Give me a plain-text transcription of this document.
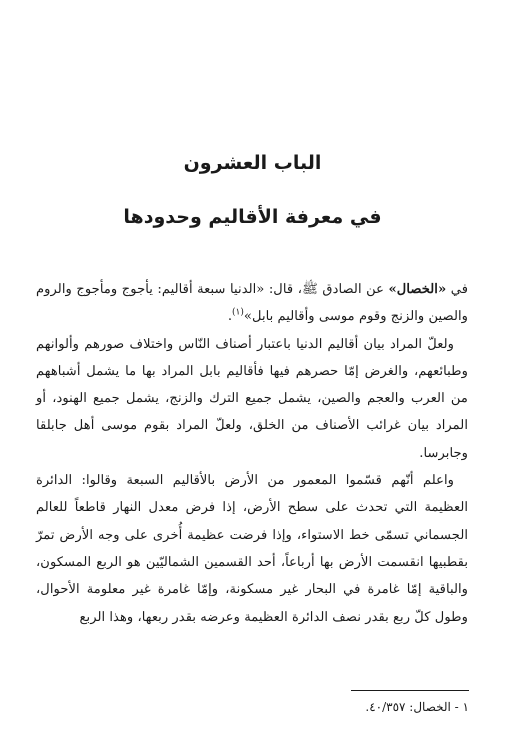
الباب العشرون
في معرفة الأقاليم وحدودها

في «الخصال» عن الصادق ﷺ، قال: «الدنيا سبعة أقاليم: يأجوج ومأجوج والروم والصين والزنج وقوم موسى وأقاليم بابل»$^{(١)}$.

ولعلّ المراد بيان أقاليم الدنيا باعتبار أصناف النّاس واختلاف صورهم وألوانهم وطبائعهم، والغرض إمّا حصرهم فيها فأقاليم بابل المراد بها ما يشمل أشباههم من العرب والعجم والصين، يشمل جميع الترك والزنج، يشمل جميع الهنود، أو المراد بيان غرائب الأصناف من الخلق، ولعلّ المراد بقوم موسى أهل جابلقا وجابرسا.

واعلم أنّهم قسّموا المعمور من الأرض بالأقاليم السبعة وقالوا: الدائرة العظيمة التي تحدث على سطح الأرض، إذا فرض معدل النهار قاطعاً للعالم الجسماني تسمّى خط الاستواء، وإذا فرضت عظيمة أُخرى على وجه الأرض تمرّ بقطبيها انقسمت الأرض بها أرباعاً، أحد القسمين الشماليّين هو الربع المسكون، والباقية إمّا غامرة في البحار غير مسكونة، وإمّا غامرة غير معلومة الأحوال، وطول كلّ ربع بقدر نصف الدائرة العظيمة وعرضه بقدر ربعها، وهذا الربع

١ - الخصال: ٤٠/٣٥٧.
